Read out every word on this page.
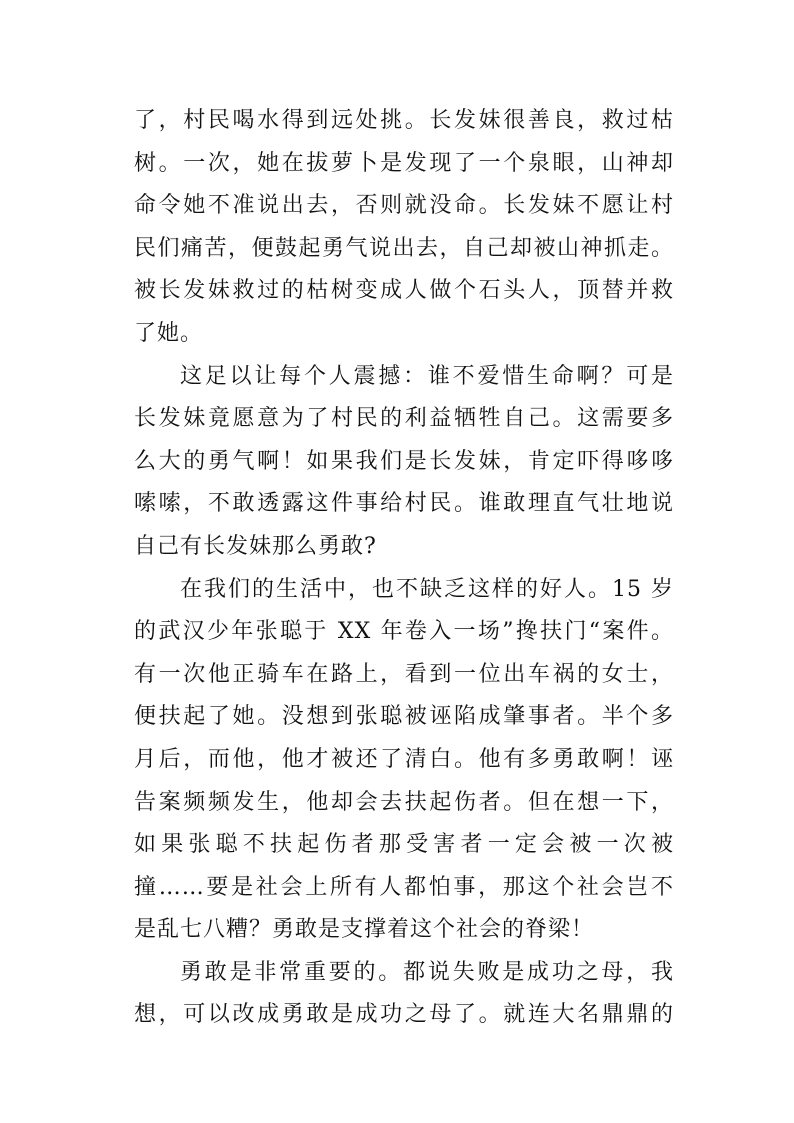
了，村民喝水得到远处挑。长发妹很善良，救过枯
树。一次，她在拔萝卜是发现了一个泉眼，山神却
命令她不准说出去，否则就没命。长发妹不愿让村
民们痛苦，便鼓起勇气说出去，自己却被山神抓走。
被长发妹救过的枯树变成人做个石头人，顶替并救
了她。
这足以让每个人震撼：谁不爱惜生命啊？可是
长发妹竟愿意为了村民的利益牺牲自己。这需要多
么大的勇气啊！如果我们是长发妹，肯定吓得哆哆
嗦嗦，不敢透露这件事给村民。谁敢理直气壮地说
自己有长发妹那么勇敢?
在我们的生活中，也不缺乏这样的好人。15 岁
的武汉少年张聪于 XX 年卷入一场”搀扶门“案件。
有一次他正骑车在路上，看到一位出车祸的女士，
便扶起了她。没想到张聪被诬陷成肇事者。半个多
月后，而他，他才被还了清白。他有多勇敢啊！诬
告案频频发生，他却会去扶起伤者。但在想一下，
如果张聪不扶起伤者那受害者一定会被一次被
撞……要是社会上所有人都怕事，那这个社会岂不
是乱七八糟？勇敢是支撑着这个社会的脊梁！
勇敢是非常重要的。都说失败是成功之母，我
想，可以改成勇敢是成功之母了。就连大名鼎鼎的
